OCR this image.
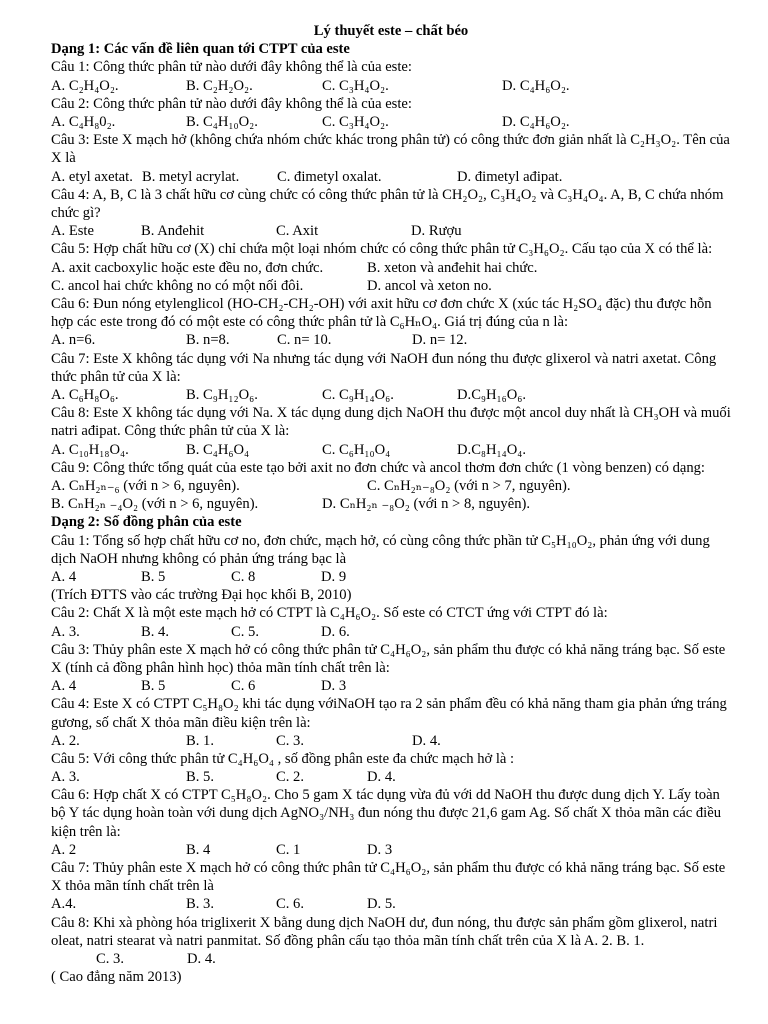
Lý thuyết este – chất béo
Dạng 1: Các vấn đề liên quan tới CTPT của este
Câu 1: Công thức phân tử nào dưới đây không thể là của este:
A. C₂H₄O₂.	B. C₂H₂O₂.	C. C₃H₄O₂.	D. C₄H₆O₂.
Câu 2: Công thức phân tử nào dưới đây không thể là của este:
A. C₄H₈0₂.	B. C₄H₁₀O₂.	C. C₃H₄O₂.	D. C₄H₆O₂.
Câu 3: Este X mạch hở (không chứa nhóm chức khác trong phân tử) có công thức đơn giản nhất là C₂H₃O₂. Tên của X là
A. etyl axetat. B. metyl acrylat.	C. đimetyl oxalat.	D. đimetyl ađipat.
Câu 4: A, B, C là 3 chất hữu cơ cùng chức có công thức phân tử là CH₂O₂, C₃H₄O₂ và C₃H₄O₄. A, B, C chứa nhóm chức gì?
A. Este	B. Anđehit	C. Axit	D. Rượu
Câu 5: Hợp chất hữu cơ (X) chỉ chứa một loại nhóm chức có công thức phân tử C₃H₆O₂. Cấu tạo của X có thể là:
A. axit cacboxylic hoặc este đều no, đơn chức.	B. xeton và anđehit hai chức.
C. ancol hai chức không no có một nối đôi.	D. ancol và xeton no.
Câu 6: Đun nóng etylenglicol (HO-CH₂-CH₂-OH) với axit hữu cơ đơn chức X (xúc tác H₂SO₄ đặc) thu được hỗn hợp các este trong đó có một este có công thức phân tử là C₆HₙO₄. Giá trị đúng của n là:
A. n=6.	B. n=8.	C. n= 10.	D. n= 12.
Câu 7: Este X không tác dụng với Na nhưng tác dụng với NaOH đun nóng thu được glixerol và natri axetat. Công thức phân tử của X là:
A. C₆H₈O₆.	B. C₉H₁₂O₆.	C. C₉H₁₄O₆.	D.C₉H₁₆O₆.
Câu 8: Este X không tác dụng với Na. X tác dụng dung dịch NaOH thu được một ancol duy nhất là CH₃OH và muối natri ađipat. Công thức phân tử của X là:
A. C₁₀H₁₈O₄.	B. C₄H₆O₄	C. C₆H₁₀O₄	D.C₈H₁₄O₄.
Câu 9: Công thức tổng quát của este tạo bởi axit no đơn chức và ancol thơm đơn chức (1 vòng benzen) có dạng:
A. CₙH₂ₙ₋₆ (với n > 6, nguyên).	C. CₙH₂ₙ₋₈O₂ (với n > 7, nguyên).
B. CₙH₂ₙ ₋₄O₂ (với n > 6, nguyên).	D. CₙH₂ₙ ₋₈O₂ (với n > 8, nguyên).
Dạng 2: Số đồng phân của este
Câu 1: Tổng số hợp chất hữu cơ no, đơn chức, mạch hở, có cùng công thức phần tử C₅H₁₀O₂, phản ứng với dung dịch NaOH nhưng không có phản ứng tráng bạc là
A. 4	B. 5	C. 8	D. 9
(Trích ĐTTS vào các trường Đại học khối B, 2010)
Câu 2: Chất X là một este mạch hở có CTPT là C₄H₆O₂. Số este có CTCT ứng với CTPT đó là:
A. 3.	B. 4.	C. 5.	D. 6.
Câu 3: Thủy phân este X mạch hở có công thức phân tử C₄H₆O₂, sản phẩm thu được có khả năng tráng bạc. Số este X (tính cả đồng phân hình học) thỏa mãn tính chất trên là:
A. 4	B. 5	C. 6	D. 3
Câu 4: Este X có CTPT C₅H₈O₂ khi tác dụng vớiNaOH tạo ra 2 sản phẩm đều có khả năng tham gia phản ứng tráng gương, số chất X thỏa mãn điều kiện trên là:
A. 2.	B. 1.	C. 3.	D. 4.
Câu 5: Với công thức phân tử C₄H₆O₄ , số đồng phân este đa chức mạch hở là :
A. 3.	B. 5.	C. 2.	D. 4.
Câu 6: Hợp chất X có CTPT C₅H₈O₂. Cho 5 gam X tác dụng vừa đủ với dd NaOH thu được dung dịch Y. Lấy toàn bộ Y tác dụng hoàn toàn với dung dịch AgNO₃/NH₃ đun nóng thu được 21,6 gam Ag. Số chất X thỏa mãn các điều kiện trên là:
A. 2	B. 4	C. 1	D. 3
Câu 7: Thủy phân este X mạch hở có công thức phân tử C₄H₆O₂, sản phẩm thu được có khả năng tráng bạc. Số este X thỏa mãn tính chất trên là
A.4.	B. 3.	C. 6.	D. 5.
Câu 8: Khi xà phòng hóa triglixerit X bằng dung dịch NaOH dư, đun nóng, thu được sản phẩm gồm glixerol, natri oleat, natri stearat và natri panmitat. Số đồng phân cấu tạo thỏa mãn tính chất trên của X là A. 2. B. 1.
C. 3.	D. 4.
( Cao đẳng năm 2013)
